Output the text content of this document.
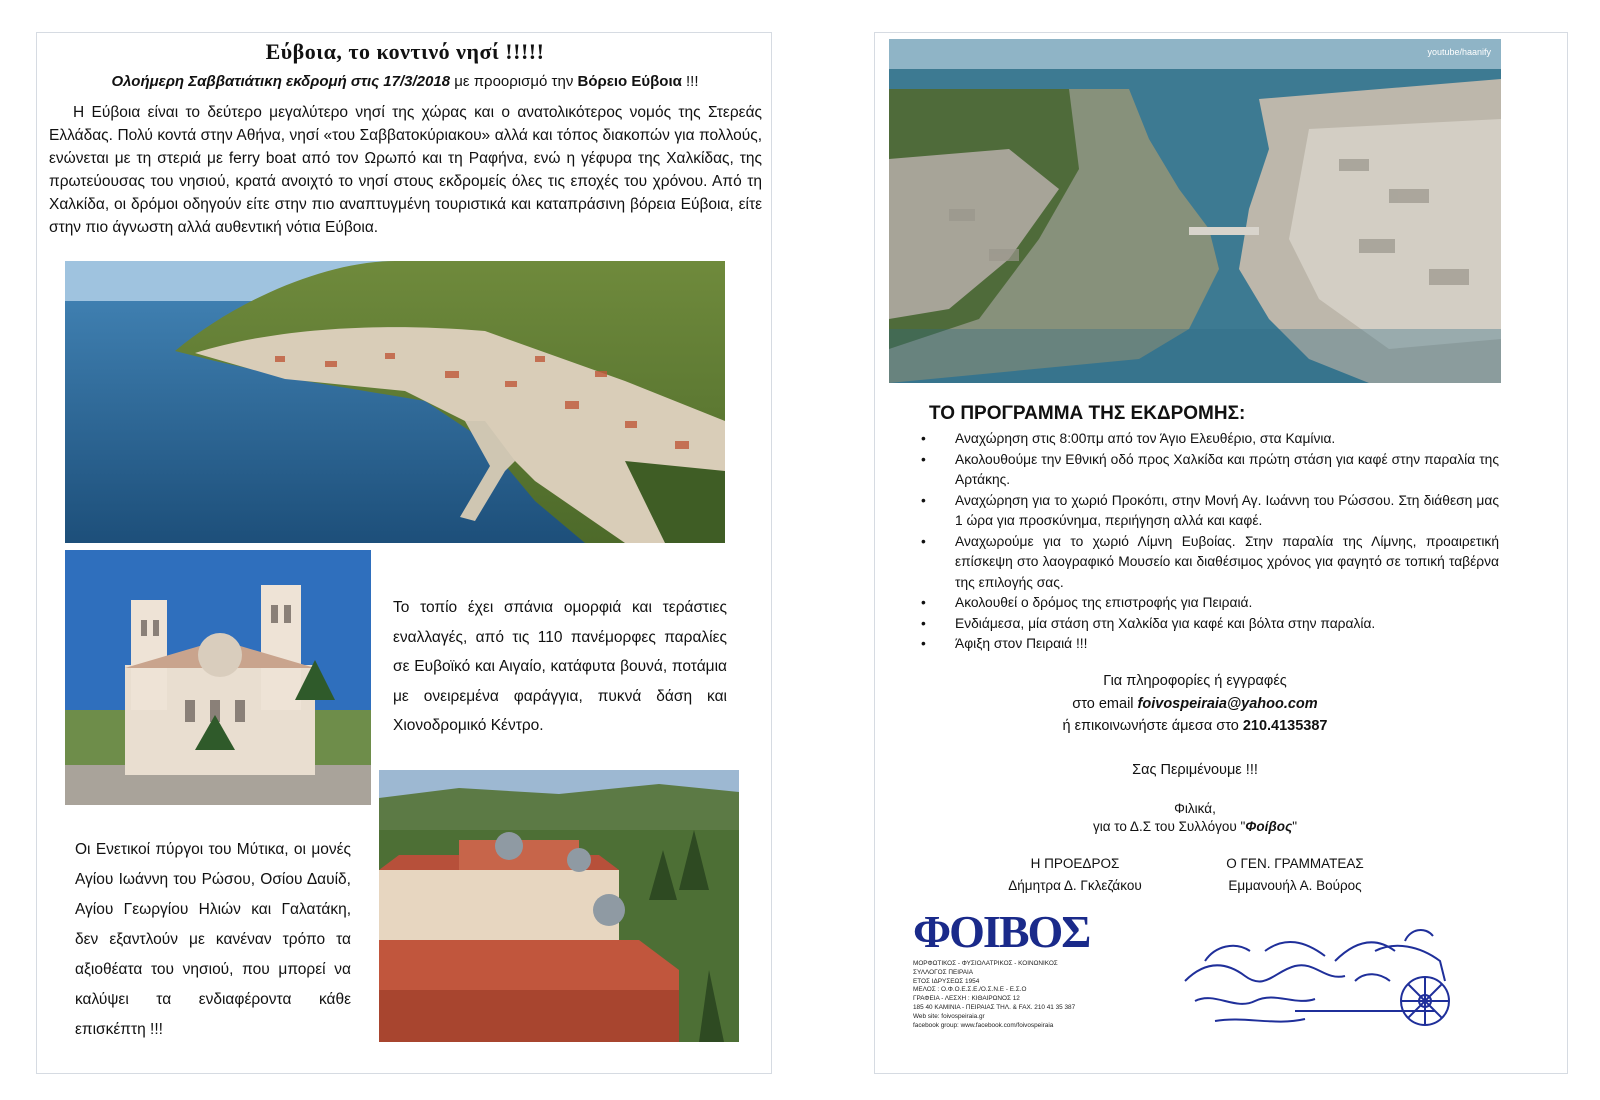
Εύβοια, το κοντινό νησί !!!!!
Ολοήμερη Σαββατιάτικη εκδρομή στις 17/3/2018 με προορισμό την Βόρειο Εύβοια !!!

Η Εύβοια είναι το δεύτερο μεγαλύτερο νησί της χώρας και ο ανατολικότερος νομός της Στερεάς Ελλάδας. Πολύ κοντά στην Αθήνα, νησί «του Σαββατοκύριακου» αλλά και τόπος διακοπών για πολλούς, ενώνεται με τη στεριά με ferry boat από τον Ωρωπό και τη Ραφήνα, ενώ η γέφυρα της Χαλκίδας, της πρωτεύουσας του νησιού, κρατά ανοιχτό το νησί στους εκδρομείς όλες τις εποχές του χρόνου. Από τη Χαλκίδα, οι δρόμοι οδηγούν είτε στην πιο αναπτυγμένη τουριστικά και καταπράσινη βόρεια Εύβοια, είτε στην πιο άγνωστη αλλά αυθεντική νότια Εύβοια.

Το τοπίο έχει σπάνια ομορφιά και τεράστιες εναλλαγές, από τις 110 πανέμορφες παραλίες σε Ευβοϊκό και Αιγαίο, κατάφυτα βουνά, ποτάμια με ονειρεμένα φαράγγια, πυκνά δάση και Χιονοδρομικό Κέντρο.
Οι Ενετικοί πύργοι του Μύτικα, οι μονές Αγίου Ιωάννη του Ρώσου, Οσίου Δαυίδ, Αγίου Γεωργίου Ηλιών και Γαλατάκη, δεν εξαντλούν με κανέναν τρόπο τα αξιοθέατα του νησιού, που μπορεί να καλύψει τα ενδιαφέροντα κάθε επισκέπτη !!!
youtube/haanify
ΤΟ ΠΡΟΓΡΑΜΜΑ ΤΗΣ ΕΚΔΡΟΜΗΣ:
• Αναχώρηση στις 8:00πμ από τον Άγιο Ελευθέριο, στα Καμίνια.
• Ακολουθούμε την Εθνική οδό προς Χαλκίδα και πρώτη στάση για καφέ στην παραλία της Αρτάκης.
• Αναχώρηση για το χωριό Προκόπι, στην Μονή Αγ. Ιωάννη του Ρώσσου. Στη διάθεση μας 1 ώρα για προσκύνημα, περιήγηση αλλά και καφέ.
• Αναχωρούμε για το χωριό Λίμνη Ευβοίας. Στην παραλία της Λίμνης, προαιρετική επίσκεψη στο λαογραφικό Μουσείο και διαθέσιμος χρόνος για φαγητό σε τοπική ταβέρνα της επιλογής σας.
• Ακολουθεί ο δρόμος της επιστροφής για Πειραιά.
• Ενδιάμεσα, μία στάση στη Χαλκίδα για καφέ και βόλτα στην παραλία.
• Άφιξη στον Πειραιά !!!
Για πληροφορίες ή εγγραφές
στο email foivospeiraia@yahoo.com
ή επικοινωνήστε άμεσα στο 210.4135387
Σας Περιμένουμε !!!
Φιλικά,
για το Δ.Σ του Συλλόγου "Φοίβος"
Η ΠΡΟΕΔΡΟΣ
Δήμητρα Δ. Γκλεζάκου
Ο ΓΕΝ. ΓΡΑΜΜΑΤΕΑΣ
Εμμανουήλ Α. Βούρος
ΦΟΙΒΟΣ
ΜΟΡΦΩΤΙΚΟΣ - ΦΥΣΙΟΛΑΤΡΙΚΟΣ - ΚΟΙΝΩΝΙΚΟΣ
ΣΥΛΛΟΓΟΣ ΠΕΙΡΑΙΑ
ΕΤΟΣ ΙΔΡΥΣΕΩΣ 1954
ΜΕΛΟΣ : Ο.Φ.Ο.Ε.Σ.Ε./Ο.Σ.Ν.Ε - Ε.Σ.Ο
ΓΡΑΦΕΙΑ - ΛΕΣΧΗ : ΚΙΘΑΙΡΩΝΟΣ 12
185 40 ΚΑΜΙΝΙΑ - ΠΕΙΡΑΙΑΣ ΤΗΛ. & FAX. 210 41 35 387
Web site: foivospeiraia.gr
facebook group: www.facebook.com/foivospeiraia
